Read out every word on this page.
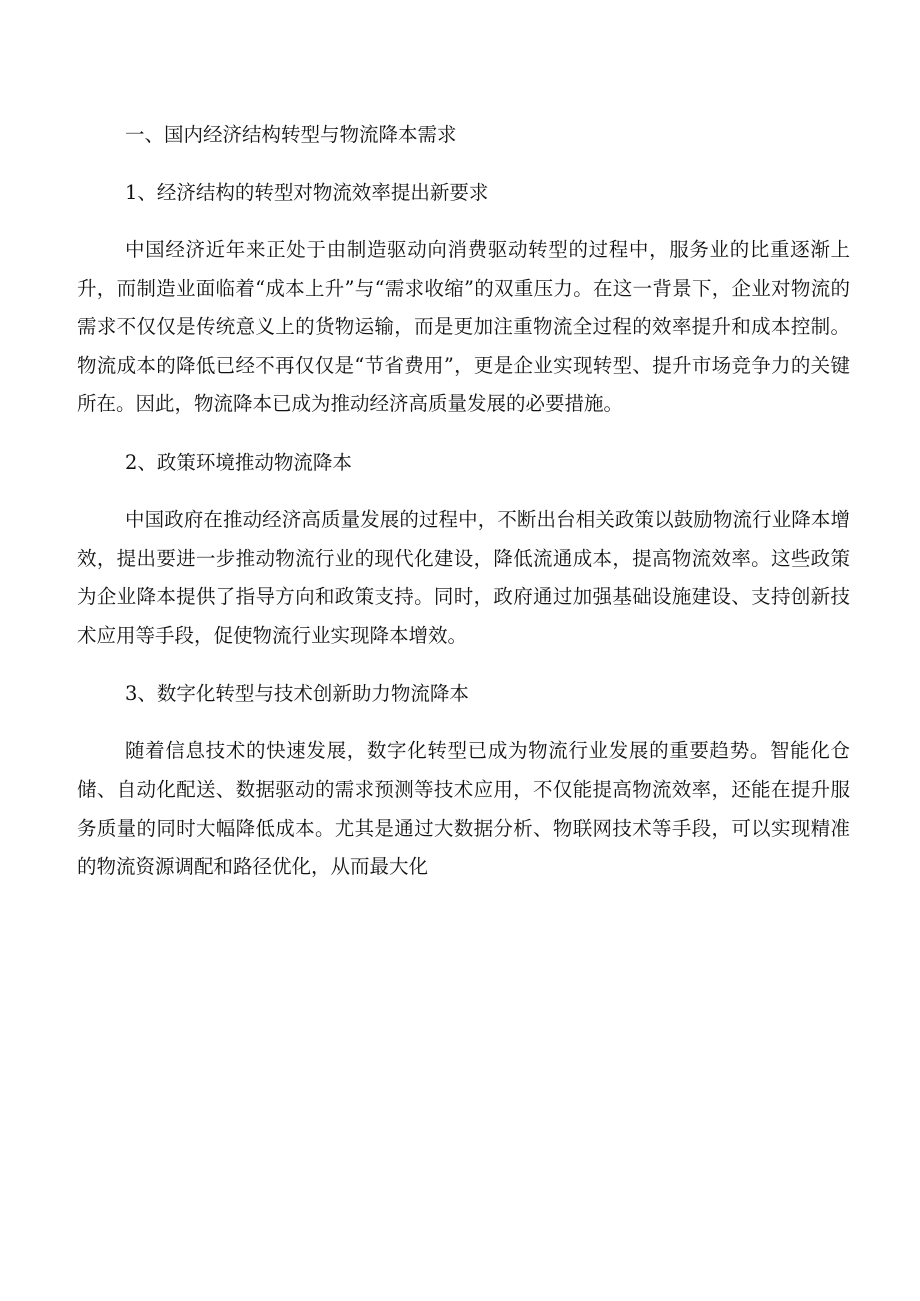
一、国内经济结构转型与物流降本需求
1、经济结构的转型对物流效率提出新要求

中国经济近年来正处于由制造驱动向消费驱动转型的过程中，服务业的比重逐渐上升，而制造业面临着“成本上升”与“需求收缩”的双重压力。在这一背景下，企业对物流的需求不仅仅是传统意义上的货物运输，而是更加注重物流全过程的效率提升和成本控制。物流成本的降低已经不再仅仅是“节省费用”，更是企业实现转型、提升市场竞争力的关键所在。因此，物流降本已成为推动经济高质量发展的必要措施。

2、政策环境推动物流降本

中国政府在推动经济高质量发展的过程中，不断出台相关政策以鼓励物流行业降本增效，提出要进一步推动物流行业的现代化建设，降低流通成本，提高物流效率。这些政策为企业降本提供了指导方向和政策支持。同时，政府通过加强基础设施建设、支持创新技术应用等手段，促使物流行业实现降本增效。

3、数字化转型与技术创新助力物流降本

随着信息技术的快速发展，数字化转型已成为物流行业发展的重要趋势。智能化仓储、自动化配送、数据驱动的需求预测等技术应用，不仅能提高物流效率，还能在提升服务质量的同时大幅降低成本。尤其是通过大数据分析、物联网技术等手段，可以实现精准的物流资源调配和路径优化，从而最大化
